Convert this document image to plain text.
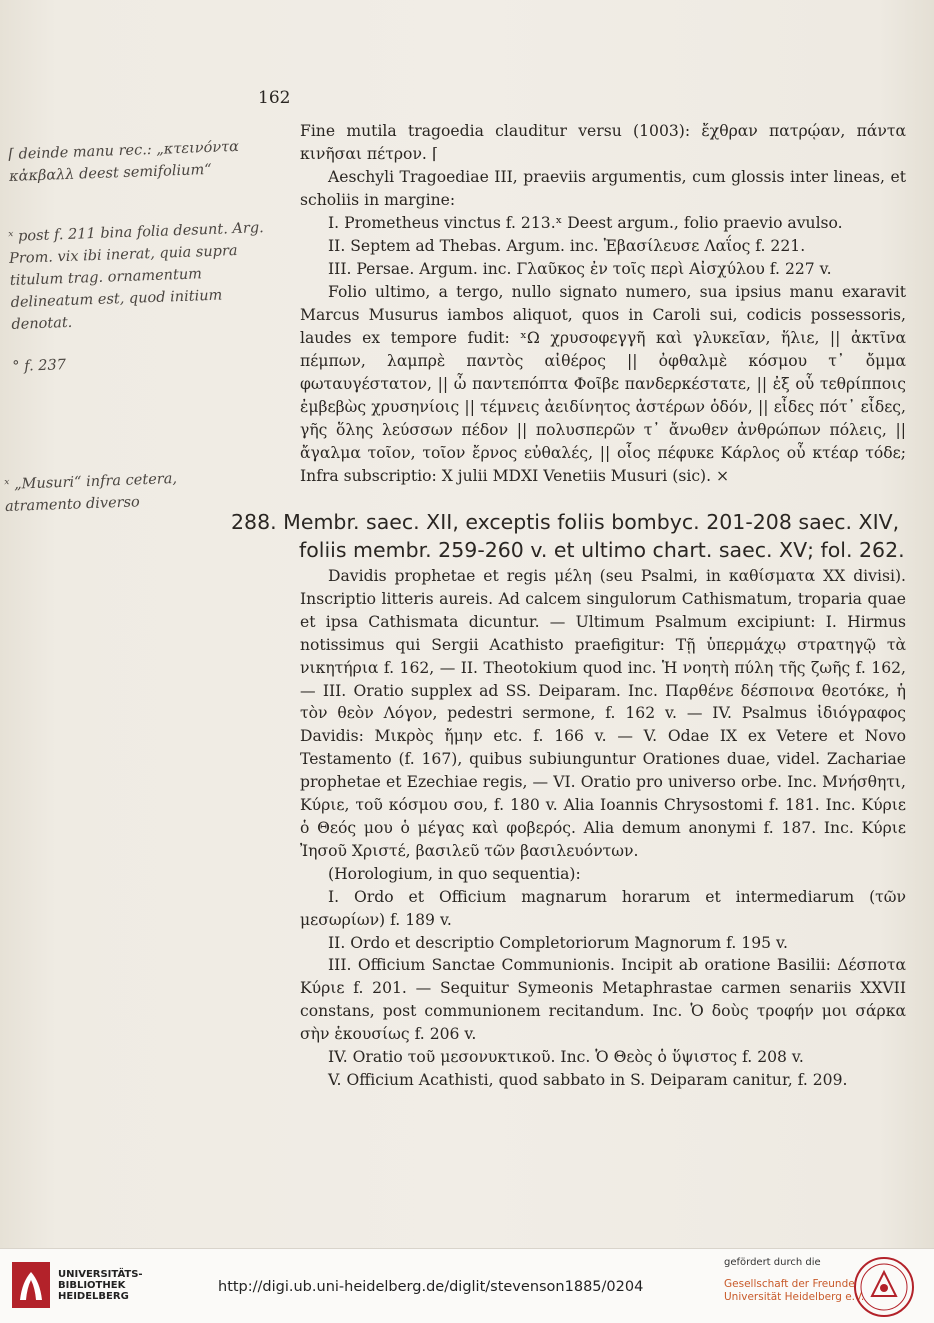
162

Fine mutila tragoedia clauditur versu (1003): ἔχθραν πατρῴαν, πάντα κινῆσαι πέτρον. ⌈

Aeschyli Tragoediae III, praeviis argumentis, cum glossis inter lineas, et scholiis in margine:

I. Prometheus vinctus f. 213.ˣ Deest argum., folio praevio avulso.

II. Septem ad Thebas. Argum. inc. Ἐβασίλευσε Λαΐος f. 221.

III. Persae. Argum. inc. Γλαῦκος ἐν τοῖς περὶ Αἰσχύλου f. 227 v.

Folio ultimo, a tergo, nullo signato numero, sua ipsius manu exaravit Marcus Musurus iambos aliquot, quos in Caroli sui, codicis possessoris, laudes ex tempore fudit: ˣΩ χρυσοφεγγῆ καὶ γλυκεῖαν, ἥλιε, || ἀκτῖνα πέμπων, λαμπρὲ παντὸς αἰθέρος || ὀφθαλμὲ κόσμου τ᾽ ὄμμα φωταυγέστατον, || ὦ παντεπόπτα Φοῖβε πανδερκέστατε, || ἐξ οὗ τεθρίπποις ἐμβεβὼς χρυσηνίοις || τέμνεις ἀειδίνητος ἀστέρων ὁδόν, || εἶδες πότ᾽ εἶδες, γῆς ὅλης λεύσσων πέδον || πολυσπερῶν τ᾽ ἄνωθεν ἀνθρώπων πόλεις, || ἄγαλμα τοῖον, τοῖον ἔρνος εὐθαλές, || οἷος πέφυκε Κάρλος οὗ κτέαρ τόδε; Infra subscriptio: X julii MDXI Venetiis Musuri (sic). ×

288. Membr. saec. XII, exceptis foliis bombyc. 201-208 saec. XIV,
foliis membr. 259-260 v. et ultimo chart. saec. XV; fol. 262.

Davidis prophetae et regis μέλη (seu Psalmi, in καθίσματα XX divisi). Inscriptio litteris aureis. Ad calcem singulorum Cathismatum, troparia quae et ipsa Cathismata dicuntur. — Ultimum Psalmum excipiunt: I. Hirmus notissimus qui Sergii Acathisto praefigitur: Τῇ ὑπερμάχῳ στρατηγῷ τὰ νικητήρια f. 162, — II. Theotokium quod inc. Ἡ νοητὴ πύλη τῆς ζωῆς f. 162, — III. Oratio supplex ad SS. Deiparam. Inc. Παρθένε δέσποινα θεοτόκε, ἡ τὸν θεὸν Λόγον, pedestri sermone, f. 162 v. — IV. Psalmus ἰδιόγραφος Davidis: Μικρὸς ἤμην etc. f. 166 v. — V. Odae IX ex Vetere et Novo Testamento (f. 167), quibus subiunguntur Orationes duae, videl. Zachariae prophetae et Ezechiae regis, — VI. Oratio pro universo orbe. Inc. Μνήσθητι, Κύριε, τοῦ κόσμου σου, f. 180 v. Alia Ioannis Chrysostomi f. 181. Inc. Κύριε ὁ Θεός μου ὁ μέγας καὶ φοβερός. Alia demum anonymi f. 187. Inc. Κύριε Ἰησοῦ Χριστέ, βασιλεῦ τῶν βασιλευόντων.

(Horologium, in quo sequentia):

I. Ordo et Officium magnarum horarum et intermediarum (τῶν μεσωρίων) f. 189 v.

II. Ordo et descriptio Completoriorum Magnorum f. 195 v.

III. Officium Sanctae Communionis. Incipit ab oratione Basilii: Δέσποτα Κύριε f. 201. — Sequitur Symeonis Metaphrastae carmen senariis XXVII constans, post communionem recitandum. Inc. Ὁ δοὺς τροφήν μοι σάρκα σὴν ἑκουσίως f. 206 v.

IV. Oratio τοῦ μεσονυκτικοῦ. Inc. Ὁ Θεὸς ὁ ὕψιστος f. 208 v.

V. Officium Acathisti, quod sabbato in S. Deiparam canitur, f. 209.

⌈ deinde manu rec.: „κτεινόντα κἀκβαλλ deest semifolium“
ˣ post f. 211 bina folia desunt. Arg. Prom. vix ibi inerat, quia supra titulum trag. ornamentum delineatum est, quod initium denotat.
° f. 237
ˣ „Musuri“ infra cetera, atramento diverso
UNIVERSITÄTS-
BIBLIOTHEK
HEIDELBERG
http://digi.ub.uni-heidelberg.de/diglit/stevenson1885/0204
gefördert durch die
Gesellschaft der Freunde
Universität Heidelberg e.V.
